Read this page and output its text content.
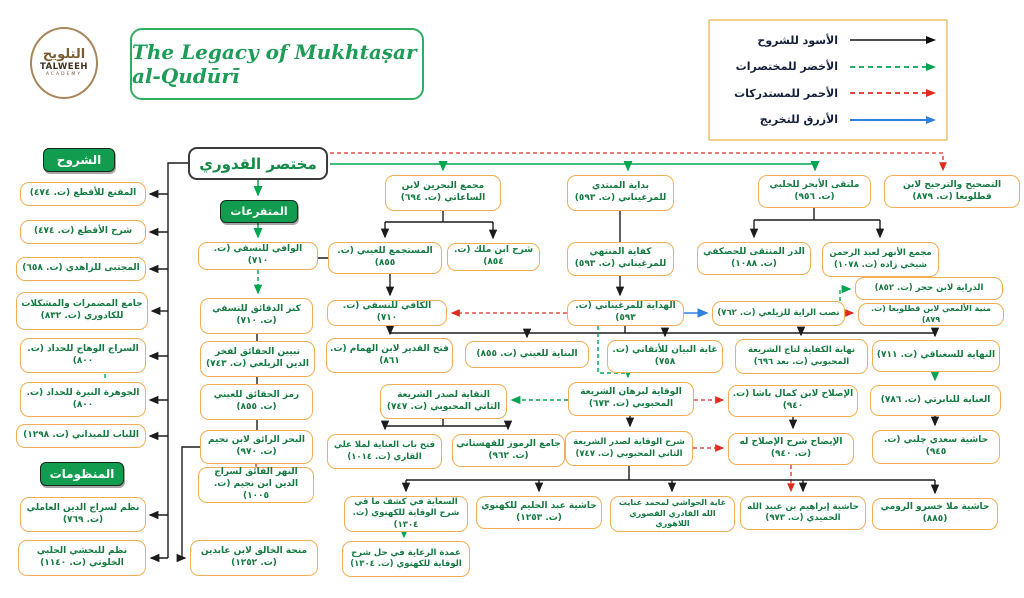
التلويح
TALWEEH
ACADEMY
The Legacy of Mukhtaṣar al-Qudūrī
الأسود للشروح
الأخضر للمختصرات
الأحمر للمستدركات
الأزرق للتخريج
الشروح
المنظومات
المتفرعات
مختصر القدوري
المقنع للأقطع (ت. ٤٧٤)
شرح الأقطع (ت. ٤٧٤)
المجتبى للزاهدي (ت. ٦٥٨)
جامع المضمرات والمشكلات للكادوري (ت. ٨٣٢)
السراج الوهاج للحداد (ت. ٨٠٠)
الجوهرة النيرة للحداد (ت. ٨٠٠)
اللباب للميداني (ت. ١٢٩٨)
نظم لسراج الدين العاملي (ت. ٧٦٩)
نظم للبخشي الحلبي الخلوتي (ت. ١١٤٠)
الوافي للنسفي (ت. ٧١٠)
كنز الدقائق للنسفي (ت. ٧١٠)
تبيين الحقائق لفخر الدين الزيلعي (ت. ٧٤٣)
رمز الحقائق للعيني (ت. ٨٥٥)
البحر الرائق لابن نجيم (ت. ٩٧٠)
النهر الفائق لسراج الدين ابن نجيم (ت. ١٠٠٥)
منحة الخالق لابن عابدين (ت. ١٢٥٢)
مجمع البحرين لابن الساعاتي (ت. ٦٩٤)
المستجمع للعيني (ت. ٨٥٥)
شرح ابن ملك (ت. ٨٥٤)
بداية المبتدي للمرغيناني (ت. ٥٩٣)
كفاية المنتهي للمرغيناني (ت. ٥٩٣)
الهداية للمرغيناني (ت. ٥٩٣)
ملتقى الأبحر للحلبي (ت. ٩٥٦)
الدر المنتقى للحصكفي (ت. ١٠٨٨)
مجمع الأنهر لعبد الرحمن شيخي زاده (ت. ١٠٧٨)
التصحيح والترجيح لابن قطلوبغا (ت. ٨٧٩)
الكافي للنسفي (ت. ٧١٠)
فتح القدير لابن الهمام (ت. ٨٦١)
البناية للعيني (ت. ٨٥٥)	غاية البيان للأتقاني (ت. ٧٥٨)
نهاية الكفاية لتاج الشريعة المحبوبي (ت. بعد ٦٩٦)
النهاية للسغناقي (ت. ٧١١)
نصب الراية للزيلعي (ت. ٧٦٢)
الدراية لابن حجر (ت. ٨٥٢)
منية الألمعي لابن قطلوبغا (ت. ٨٧٩)
النقاية لصدر الشريعة الثاني المحبوبي (ت. ٧٤٧)
فتح باب العناية لملا علي القاري (ت. ١٠١٤)
جامع الرموز للقهستاني (ت. ٩٦٢)
الوقاية لبرهان الشريعة المحبوبي (ت. ٦٧٣)
الإصلاح لابن كمال باشا (ت. ٩٤٠)
شرح الوقاية لصدر الشريعة الثاني المحبوبي (ت. ٧٤٧)
الإيضاح شرح الإصلاح له (ت. ٩٤٠)
العناية للبابرتي (ت. ٧٨٦)
حاشية سعدي چلبي (ت. ٩٤٥)
السعاية في كشف ما في شرح الوقاية للكهنوي (ت. ١٣٠٤)
عمدة الرعاية في حل شرح الوقاية للكهنوي (ت. ١٣٠٤)
حاشية عبد الحليم للكهنوي (ت. ١٢٥٣)
غاية الحواشي لمحمد عنايت الله القادري القصوري اللاهوري
حاشية إبراهيم بن عبيد الله الحميدي (ت. ٩٧٣)
حاشية ملا خسرو الرومي (٨٨٥)
